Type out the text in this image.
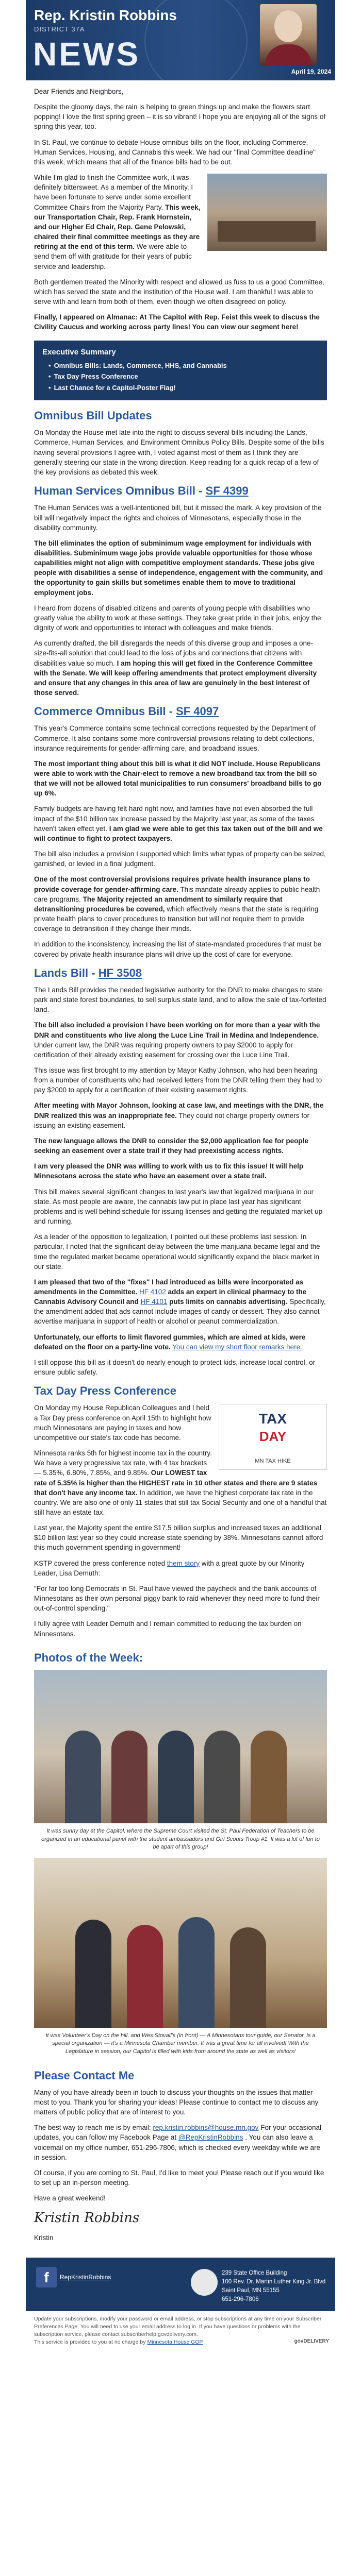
Rep. Kristin Robbins
DISTRICT 37A
NEWS	April 19, 2024

Dear Friends and Neighbors,

Despite the gloomy days, the rain is helping to green things up and make the flowers start popping! I love the first spring green – it is so vibrant! I hope you are enjoying all of the signs of spring this year, too.

In St. Paul, we continue to debate House omnibus bills on the floor, including Commerce, Human Services, Housing, and Cannabis this week. We had our "final Committee deadline" this week, which means that all of the finance bills had to be out.

While I'm glad to finish the Committee work, it was definitely bittersweet. As a member of the Minority, I have been fortunate to serve under some excellent Committee Chairs from the Majority Party. This week, our Transportation Chair, Rep. Frank Hornstein, and our Higher Ed Chair, Rep. Gene Pelowski, chaired their final committee meetings as they are retiring at the end of this term. We were able to send them off with gratitude for their years of public service and leadership.

Both gentlemen treated the Minority with respect and allowed us fuss to us a good Committee, which has served the state and the institution of the House well. I am thankful I was able to serve with and learn from both of them, even though we often disagreed on policy.

Finally, I appeared on Almanac: At The Capitol with Rep. Feist this week to discuss the Civility Caucus and working across party lines! You can view our segment here!

Executive Summary
• Omnibus Bills: Lands, Commerce, HHS, and Cannabis
• Tax Day Press Conference
• Last Chance for a Capitol-Poster Flag!
Omnibus Bill Updates

On Monday the House met late into the night to discuss several bills including the Lands, Commerce, Human Services, and Environment Omnibus Policy Bills. Despite some of the bills having several provisions I agree with, I voted against most of them as I think they are generally steering our state in the wrong direction. Keep reading for a quick recap of a few of the key provisions as debated this week.

Human Services Omnibus Bill - SF 4399

The Human Services was a well-intentioned bill, but it missed the mark. A key provision of the bill will negatively impact the rights and choices of Minnesotans, especially those in the disability community.

The bill eliminates the option of subminimum wage employment for individuals with disabilities. Subminimum wage jobs provide valuable opportunities for those whose capabilities might not align with competitive employment standards. These jobs give people with disabilities a sense of independence, engagement with the community, and the opportunity to gain skills but sometimes enable them to move to traditional employment jobs.

I heard from dozens of disabled citizens and parents of young people with disabilities who greatly value the ability to work at these settings. They take great pride in their jobs, enjoy the dignity of work and opportunities to interact with colleagues and make friends.

As currently drafted, the bill disregards the needs of this diverse group and imposes a one-size-fits-all solution that could lead to the loss of jobs and connections that citizens with disabilities value so much. I am hoping this will get fixed in the Conference Committee with the Senate. We will keep offering amendments that protect employment diversity and ensure that any changes in this area of law are genuinely in the best interest of those served.

Commerce Omnibus Bill - SF 4097

This year's Commerce contains some technical corrections requested by the Department of Commerce. It also contains some more controversial provisions relating to debt collections, insurance requirements for gender-affirming care, and broadband issues.

The most important thing about this bill is what it did NOT include. House Republicans were able to work with the Chair-elect to remove a new broadband tax from the bill so that we will not be allowed total municipalities to run consumers' broadband bills to go up 6%.

Family budgets are having felt hard right now, and families have not even absorbed the full impact of the $10 billion tax increase passed by the Majority last year, as some of the taxes haven't taken effect yet. I am glad we were able to get this tax taken out of the bill and we will continue to fight to protect taxpayers.

The bill also includes a provision I supported which limits what types of property can be seized, garnished, or levied in a final judgment.

One of the most controversial provisions requires private health insurance plans to provide coverage for gender-affirming care. This mandate already applies to public health care programs. The Majority rejected an amendment to similarly require that detransitioning procedures be covered, which effectively means that the state is requiring private health plans to cover procedures to transition but will not require them to provide coverage to detransition if they change their minds.

In addition to the inconsistency, increasing the list of state-mandated procedures that must be covered by private health insurance plans will drive up the cost of care for everyone.

Lands Bill - HF 3508

The Lands Bill provides the needed legislative authority for the DNR to make changes to state park and state forest boundaries, to sell surplus state land, and to allow the sale of tax-forfeited land.

The bill also included a provision I have been working on for more than a year with the DNR and constituents who live along the Luce Line Trail in Medina and Independence. Under current law, the DNR was requiring property owners to pay $2000 to apply for certification of their already existing easement for crossing over the Luce Line Trail.

This issue was first brought to my attention by Mayor Kathy Johnson, who had been hearing from a number of constituents who had received letters from the DNR telling them they had to pay $2000 to apply for a certification of their existing easement rights.

After meeting with Mayor Johnson, looking at case law, and meetings with the DNR, the DNR realized this was an inappropriate fee. They could not charge property owners for issuing an existing easement.

The new language allows the DNR to consider the $2,000 application fee for people seeking an easement over a state trail if they had preexisting access rights.

I am very pleased the DNR was willing to work with us to fix this issue! It will help Minnesotans across the state who have an easement over a state trail.

This bill makes several significant changes to last year's law that legalized marijuana in our state. As most people are aware, the cannabis law put in place last year has significant problems and is well behind schedule for issuing licenses and getting the regulated market up and running.

As a leader of the opposition to legalization, I pointed out these problems last session. In particular, I noted that the significant delay between the time marijuana became legal and the time the regulated market became operational would significantly expand the black market in our state.

I am pleased that two of the "fixes" I had introduced as bills were incorporated as amendments in the Committee. HF 4102 adds an expert in clinical pharmacy to the Cannabis Advisory Council and HF 4101 puts limits on cannabis advertising. Specifically, the amendment added that ads cannot include images of candy or dessert. They also cannot advertise marijuana in support of health or alcohol or peanut commercialization.

Unfortunately, our efforts to limit flavored gummies, which are aimed at kids, were defeated on the floor on a party-line vote. You can view my short floor remarks here.

I still oppose this bill as it doesn't do nearly enough to protect kids, increase local control, or ensure public safety.

Tax Day Press Conference
TAX
DAY
MN TAX HIKE

On Monday my House Republican Colleagues and I held a Tax Day press conference on April 15th to highlight how much Minnesotans are paying in taxes and how uncompetitive our state's tax code has become.

Minnesota ranks 5th for highest income tax in the country. We have a very progressive tax rate, with 4 tax brackets — 5.35%, 6.80%, 7.85%, and 9.85%. Our LOWEST tax rate of 5.35% is higher than the HIGHEST rate in 10 other states and there are 9 states that don't have any income tax. In addition, we have the highest corporate tax rate in the country. We are also one of only 11 states that still tax Social Security and one of a handful that still have an estate tax.

Last year, the Majority spent the entire $17.5 billion surplus and increased taxes an additional $10 billion last year so they could increase state spending by 38%. Minnesotans cannot afford this much government spending in government!

KSTP covered the press conference noted them story with a great quote by our Minority Leader, Lisa Demuth:

"For far too long Democrats in St. Paul have viewed the paycheck and the bank accounts of Minnesotans as their own personal piggy bank to raid whenever they need more to fund their out-of-control spending."

I fully agree with Leader Demuth and I remain committed to reducing the tax burden on Minnesotans.

Photos of the Week:
It was sunny day at the Capitol, where the Supreme Court visited the St. Paul Federation of Teachers to be organized in an educational panel with the student ambassadors and Girl Scouts Troop #1. It was a lot of fun to be apart of this group!
It was Volunteer's Day on the hill, and Wes Stovall's (in front) — A Minnesotans tour guide, our Senator, is a special organization — it's a Minnesota Chamber member. It was a great time for all involved! With the Legislature in session, our Capitol is filled with kids from around the state as well as visitors!
Please Contact Me

Many of you have already been in touch to discuss your thoughts on the issues that matter most to you. Thank you for sharing your ideas! Please continue to contact me to discuss any matters of public policy that are of interest to you.

The best way to reach me is by email: rep.kristin.robbins@house.mn.gov For your occasional updates, you can follow my Facebook Page at @RepKristinRobbins . You can also leave a voicemail on my office number, 651-296-7806, which is checked every weekday while we are in session.

Of course, if you are coming to St. Paul, I'd like to meet you! Please reach out if you would like to set up an in-person meeting.

Have a great weekend!

Kristin Robbins

Kristin

f	RepKristinRobbins
239 State Office Building
100 Rev. Dr. Martin Luther King Jr. Blvd
Saint Paul, MN 55155
651-296-7806

Update your subscriptions, modify your password or email address, or stop subscriptions at any time on your Subscriber Preferences Page. You will need to use your email address to log in. If you have questions or problems with the subscription service, please contact subscriberhelp.govdelivery.com.

This service is provided to you at no charge by Minnesota House GOP	govDELIVERY
